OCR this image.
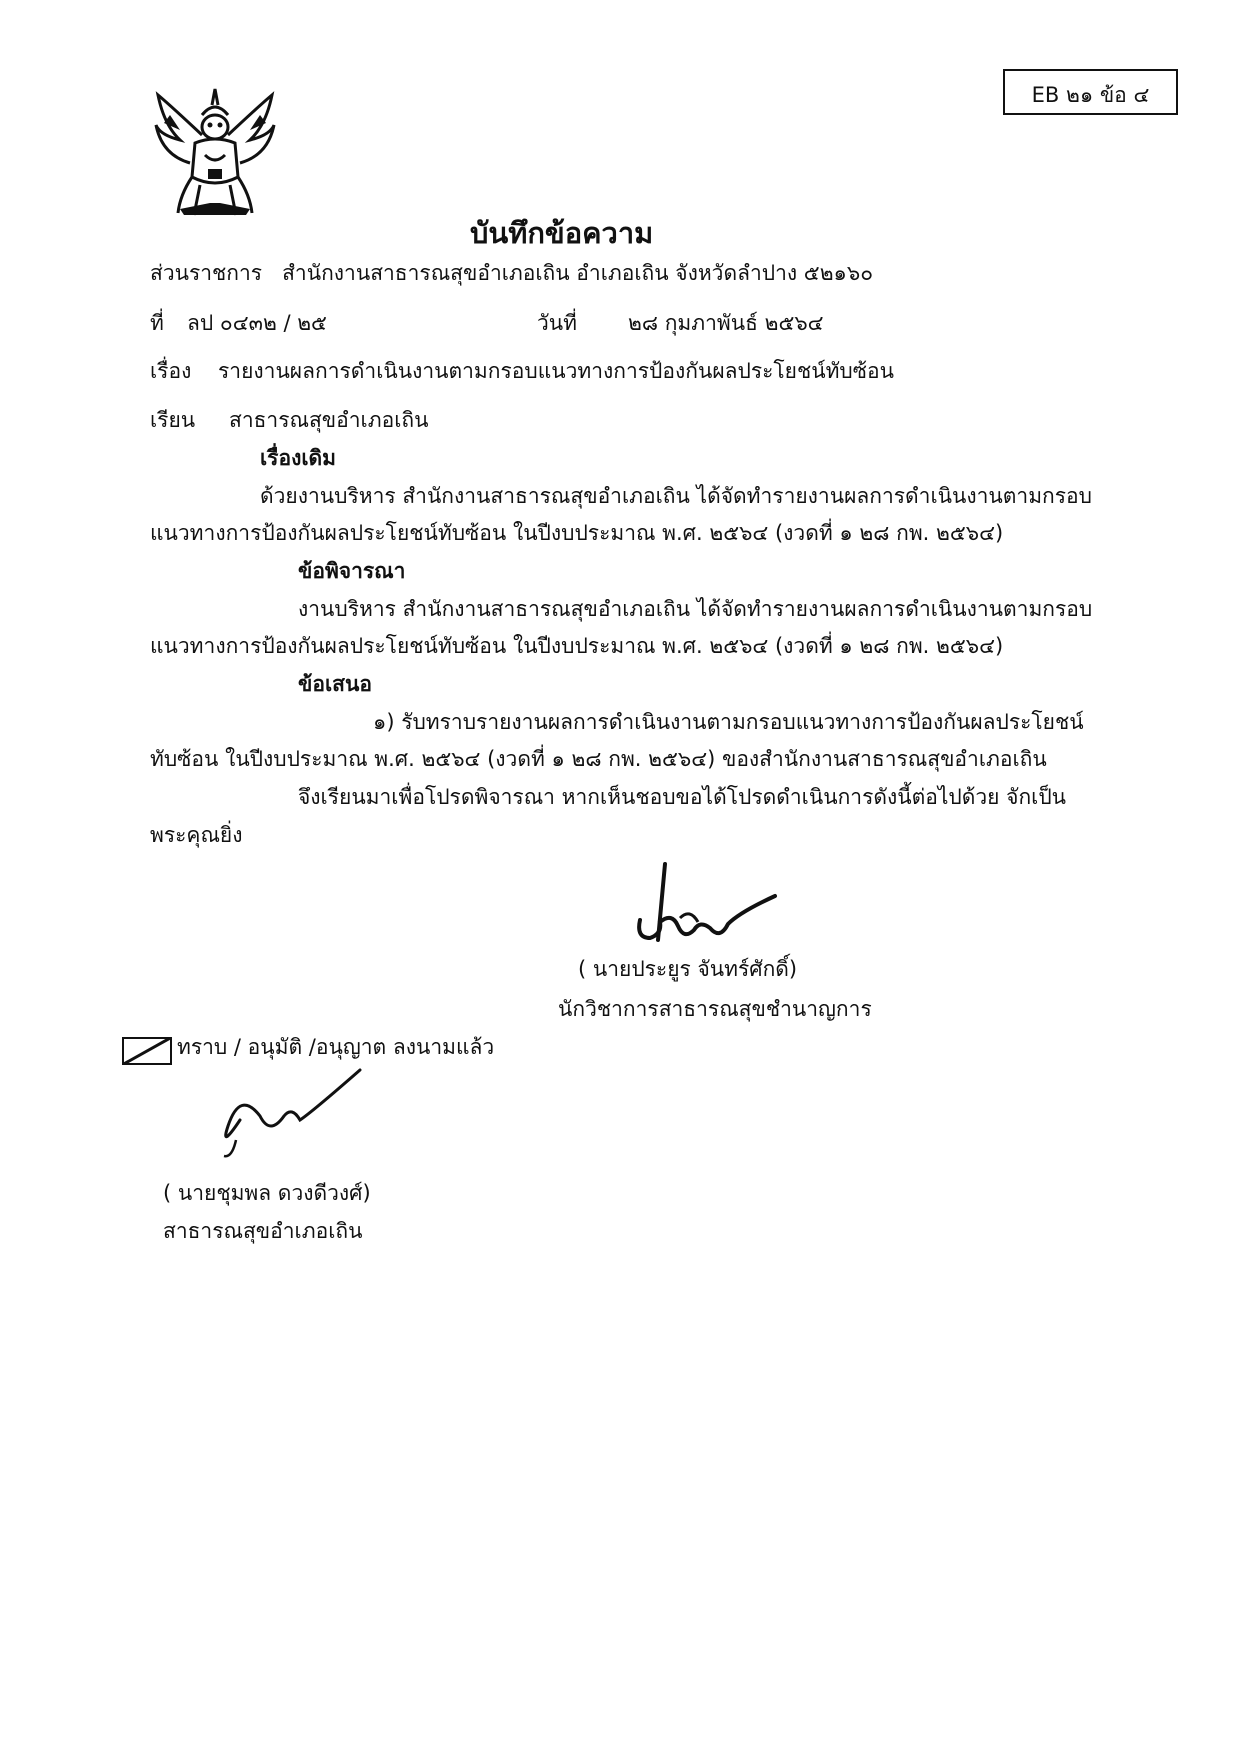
EB ๒๑ ข้อ ๔
บันทึกข้อความ
ส่วนราชการ สำนักงานสาธารณสุขอำเภอเถิน อำเภอเถิน จังหวัดลำปาง ๕๒๑๖๐
ที่ ลป ๐๔๓๒ / ๒๕	วันที่ ๒๘ กุมภาพันธ์ ๒๕๖๔
เรื่อง รายงานผลการดำเนินงานตามกรอบแนวทางการป้องกันผลประโยชน์ทับซ้อน
เรียน สาธารณสุขอำเภอเถิน
เรื่องเดิม
ด้วยงานบริหาร สำนักงานสาธารณสุขอำเภอเถิน ได้จัดทำรายงานผลการดำเนินงานตามกรอบ
แนวทางการป้องกันผลประโยชน์ทับซ้อน ในปีงบประมาณ พ.ศ. ๒๕๖๔ (งวดที่ ๑ ๒๘ กพ. ๒๕๖๔)
ข้อพิจารณา
งานบริหาร สำนักงานสาธารณสุขอำเภอเถิน ได้จัดทำรายงานผลการดำเนินงานตามกรอบ
แนวทางการป้องกันผลประโยชน์ทับซ้อน ในปีงบประมาณ พ.ศ. ๒๕๖๔ (งวดที่ ๑ ๒๘ กพ. ๒๕๖๔)
ข้อเสนอ
๑) รับทราบรายงานผลการดำเนินงานตามกรอบแนวทางการป้องกันผลประโยชน์
ทับซ้อน ในปีงบประมาณ พ.ศ. ๒๕๖๔ (งวดที่ ๑ ๒๘ กพ. ๒๕๖๔) ของสำนักงานสาธารณสุขอำเภอเถิน
จึงเรียนมาเพื่อโปรดพิจารณา หากเห็นชอบขอได้โปรดดำเนินการดังนี้ต่อไปด้วย จักเป็น
พระคุณยิ่ง
( นายประยูร จันทร์ศักดิ์)
นักวิชาการสาธารณสุขชำนาญการ
ทราบ / อนุมัติ /อนุญาต ลงนามแล้ว
( นายชุมพล ดวงดีวงศ์)
สาธารณสุขอำเภอเถิน
